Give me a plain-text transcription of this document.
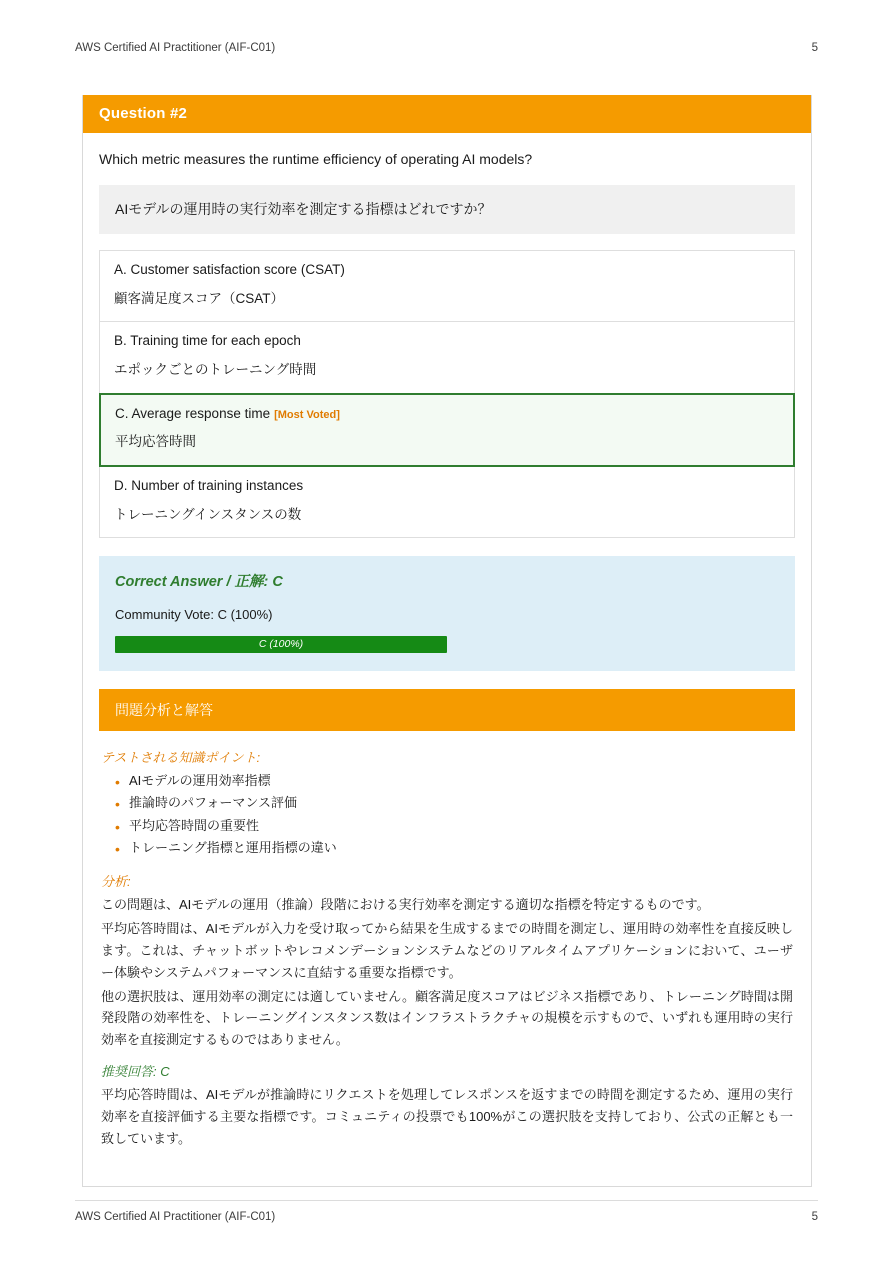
AWS Certified AI Practitioner (AIF-C01)	5
Question #2
Which metric measures the runtime efficiency of operating AI models?
AIモデルの運用時の実行効率を測定する指標はどれですか？
A. Customer satisfaction score (CSAT)
顧客満足度スコア（CSAT）
B. Training time for each epoch
エポックごとのトレーニング時間
C. Average response time [Most Voted]
平均応答時間
D. Number of training instances
トレーニングインスタンスの数
Correct Answer / 正解: C
Community Vote: C (100%)
C (100%)
問題分析と解答
テストされる知識ポイント:
• AIモデルの運用効率指標
• 推論時のパフォーマンス評価
• 平均応答時間の重要性
• トレーニング指標と運用指標の違い
分析:

この問題は、AIモデルの運用（推論）段階における実行効率を測定する適切な指標を特定するものです。

平均応答時間は、AIモデルが入力を受け取ってから結果を生成するまでの時間を測定し、運用時の効率性を直接反映します。これは、チャットボットやレコメンデーションシステムなどのリアルタイムアプリケーションにおいて、ユーザー体験やシステムパフォーマンスに直結する重要な指標です。

他の選択肢は、運用効率の測定には適していません。顧客満足度スコアはビジネス指標であり、トレーニング時間は開発段階の効率性を、トレーニングインスタンス数はインフラストラクチャの規模を示すもので、いずれも運用時の実行効率を直接測定するものではありません。

推奨回答: C

平均応答時間は、AIモデルが推論時にリクエストを処理してレスポンスを返すまでの時間を測定するため、運用の実行効率を直接評価する主要な指標です。コミュニティの投票でも100%がこの選択肢を支持しており、公式の正解とも一致しています。

AWS Certified AI Practitioner (AIF-C01)	5
